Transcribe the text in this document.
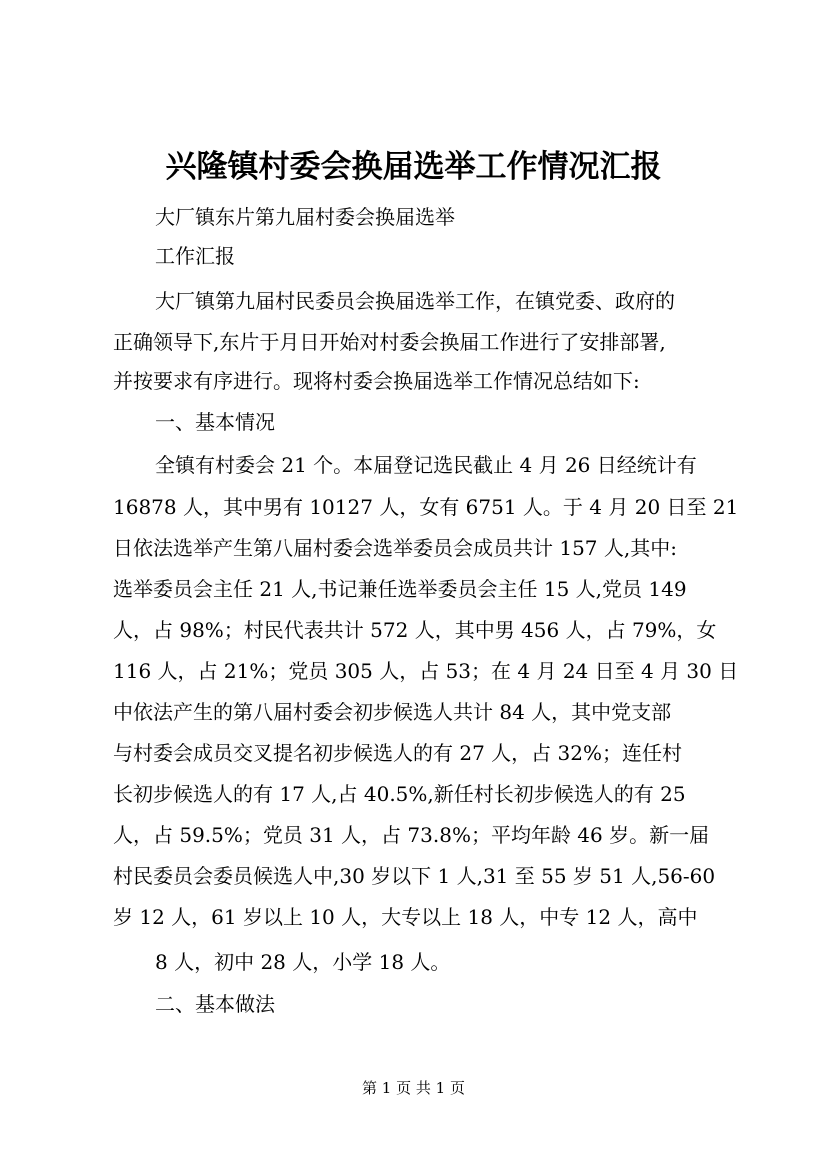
兴隆镇村委会换届选举工作情况汇报
大厂镇东片第九届村委会换届选举
工作汇报
大厂镇第九届村民委员会换届选举工作，在镇党委、政府的
正确领导下,东片于月日开始对村委会换届工作进行了安排部署,
并按要求有序进行。现将村委会换届选举工作情况总结如下:
一、基本情况
全镇有村委会 21 个。本届登记选民截止 4 月 26 日经统计有
16878 人，其中男有 10127 人，女有 6751 人。于 4 月 20 日至 21
日依法选举产生第八届村委会选举委员会成员共计 157 人,其中:
选举委员会主任 21 人,书记兼任选举委员会主任 15 人,党员 149
人，占 98%；村民代表共计 572 人，其中男 456 人，占 79%，女
116 人，占 21%；党员 305 人，占 53；在 4 月 24 日至 4 月 30 日
中依法产生的第八届村委会初步候选人共计 84 人，其中党支部
与村委会成员交叉提名初步候选人的有 27 人，占 32%；连任村
长初步候选人的有 17 人,占 40.5%,新任村长初步候选人的有 25
人，占 59.5%；党员 31 人，占 73.8%；平均年龄 46 岁。新一届
村民委员会委员候选人中,30 岁以下 1 人,31 至 55 岁 51 人,56-60
岁 12 人，61 岁以上 10 人，大专以上 18 人，中专 12 人，高中
8 人，初中 28 人，小学 18 人。
二、基本做法
第 1 页 共 1 页
